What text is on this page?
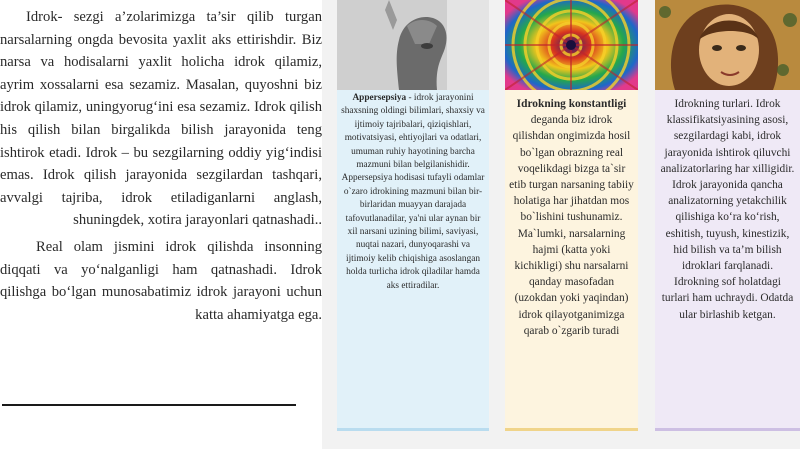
Idrok- sezgi a’zolarimizga ta’sir qilib turgan narsalarning ongda bevosita yaxlit aks ettirishdir. Biz narsa va hodisalarni yaxlit holicha idrok qilamiz, ayrim xossalarni esa sezamiz. Masalan, quyoshni biz idrok qilamiz, uningyorug‘ini esa sezamiz. Idrok qilish his qilish bilan birgalikda bilish jarayonida teng ishtirok etadi. Idrok – bu sezgilarning oddiy yig‘indisi emas. Idrok qilish jarayonida sezgilardan tashqari, avvalgi tajriba, idrok etiladiganlarni anglash, shuningdek, xotira jarayonlari qatnashadi..

Real olam jismini idrok qilishda insonning diqqati va yo‘nalganligi ham qatnashadi. Idrok qilishga bo‘lgan munosabatimiz idrok jarayoni uchun katta ahamiyatga ega.

Appersepsiya - idrok jarayonini shaxsning oldingi bilimlari, shaxsiy va ijtimoiy tajribalari, qiziqishlari, motivatsiyasi, ehtiyojlari va odatlari, umuman ruhiy hayotining barcha mazmuni bilan belgilanishidir. Appersepsiya hodisasi tufayli odamlar o`zaro idrokining mazmuni bilan bir-birlaridan muayyan darajada tafovutlanadilar, ya'ni ular aynan bir xil narsani uzining bilimi, saviyasi, nuqtai nazari, dunyoqarashi va ijtimoiy kelib chiqishiga asoslangan holda turlicha idrok qiladilar hamda aks ettiradilar.
Idrokning konstantligi deganda biz idrok qilishdan ongimizda hosil bo`lgan obrazning real voqelikdagi bizga ta`sir etib turgan narsaning tabiiy holatiga har jihatdan mos bo`lishini tushunamiz. Ma`lumki, narsalarning hajmi (katta yoki kichikligi) shu narsalarni qanday masofadan (uzokdan yoki yaqindan) idrok qilayotganimizga qarab o`zgarib turadi
Idrokning turlari. Idrok klassifikatsiyasining asosi, sezgilardagi kabi, idrok jarayonida ishtirok qiluvchi analizatorlaring har xilligidir. Idrok jarayonida qancha analizatorning yetakchilik qilishiga ko‘ra ko‘rish, eshitish, tuyush, kinestizik, hid bilish va ta’m bilish idroklari farqlanadi. Idrokning sof holatdagi turlari ham uchraydi. Odatda ular birlashib ketgan.
